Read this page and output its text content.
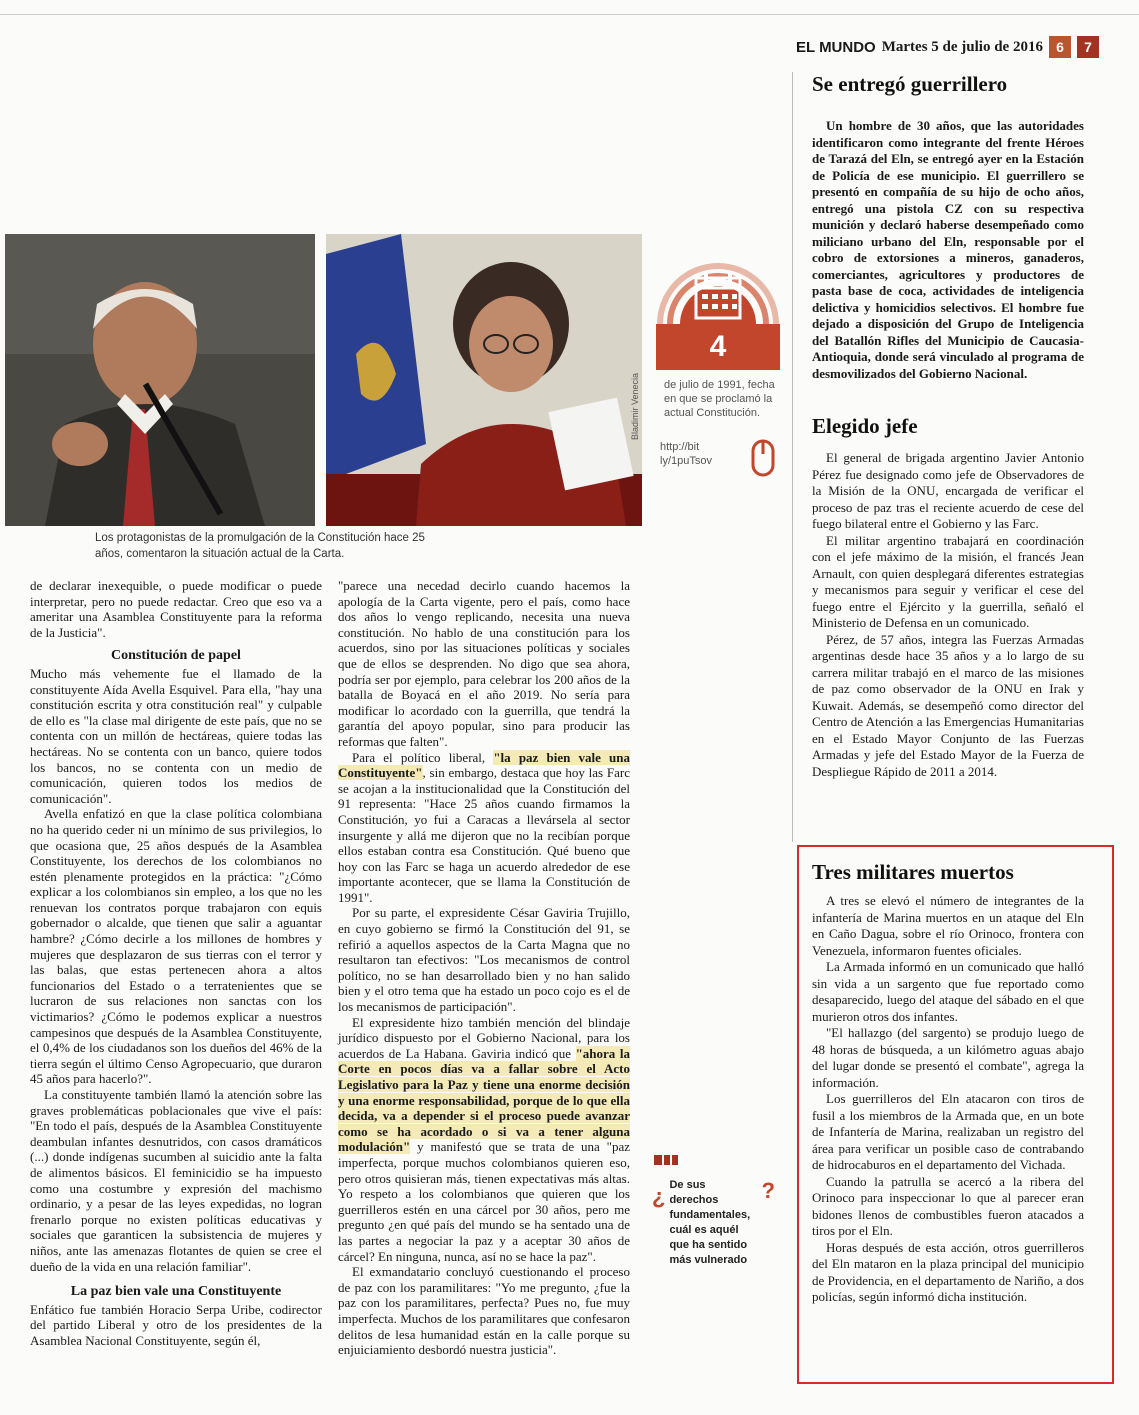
EL MUNDO Martes 5 de julio de 2016 6	7
Bladimir Venecia
Los protagonistas de la promulgación de la Constitución hace 25 años, comentaron la situación actual de la Carta.
4
de julio de 1991, fecha en que se proclamó la actual Constitución.
http://bit ly/1puTsov
¿ De sus derechos fundamentales, cuál es aquél que ha sentido más vulnerado
?

de declarar inexequible, o puede modificar o puede interpretar, pero no puede redactar. Creo que eso va a ameritar una Asamblea Constituyente para la reforma de la Justicia".

Constitución de papel

Mucho más vehemente fue el llamado de la constituyente Aída Avella Esquivel. Para ella, "hay una constitución escrita y otra constitución real" y culpable de ello es "la clase mal dirigente de este país, que no se contenta con un millón de hectáreas, quiere todas las hectáreas. No se contenta con un banco, quiere todos los bancos, no se contenta con un medio de comunicación, quieren todos los medios de comunicación".

Avella enfatizó en que la clase política colombiana no ha querido ceder ni un mínimo de sus privilegios, lo que ocasiona que, 25 años después de la Asamblea Constituyente, los derechos de los colombianos no estén plenamente protegidos en la práctica: "¿Cómo explicar a los colombianos sin empleo, a los que no les renuevan los contratos porque trabajaron con equis gobernador o alcalde, que tienen que salir a aguantar hambre? ¿Cómo decirle a los millones de hombres y mujeres que desplazaron de sus tierras con el terror y las balas, que estas pertenecen ahora a altos funcionarios del Estado o a terratenientes que se lucraron de sus relaciones non sanctas con los victimarios? ¿Cómo le podemos explicar a nuestros campesinos que después de la Asamblea Constituyente, el 0,4% de los ciudadanos son los dueños del 46% de la tierra según el último Censo Agropecuario, que duraron 45 años para hacerlo?".

La constituyente también llamó la atención sobre las graves problemáticas poblacionales que vive el país: "En todo el país, después de la Asamblea Constituyente deambulan infantes desnutridos, con casos dramáticos (...) donde indígenas sucumben al suicidio ante la falta de alimentos básicos. El feminicidio se ha impuesto como una costumbre y expresión del machismo ordinario, y a pesar de las leyes expedidas, no logran frenarlo porque no existen políticas educativas y sociales que garanticen la subsistencia de mujeres y niños, ante las amenazas flotantes de quien se cree el dueño de la vida en una relación familiar".

La paz bien vale una Constituyente

Enfático fue también Horacio Serpa Uribe, codirector del partido Liberal y otro de los presidentes de la Asamblea Nacional Constituyente, según él,

"parece una necedad decirlo cuando hacemos la apología de la Carta vigente, pero el país, como hace dos años lo vengo replicando, necesita una nueva constitución. No hablo de una constitución para los acuerdos, sino por las situaciones políticas y sociales que de ellos se desprenden. No digo que sea ahora, podría ser por ejemplo, para celebrar los 200 años de la batalla de Boyacá en el año 2019. No sería para modificar lo acordado con la guerrilla, que tendrá la garantía del apoyo popular, sino para producir las reformas que falten".

Para el político liberal, "la paz bien vale una Constituyente", sin embargo, destaca que hoy las Farc se acojan a la institucionalidad que la Constitución del 91 representa: "Hace 25 años cuando firmamos la Constitución, yo fui a Caracas a llevársela al sector insurgente y allá me dijeron que no la recibían porque ellos estaban contra esa Constitución. Qué bueno que hoy con las Farc se haga un acuerdo alrededor de ese importante acontecer, que se llama la Constitución de 1991".

Por su parte, el expresidente César Gaviria Trujillo, en cuyo gobierno se firmó la Constitución del 91, se refirió a aquellos aspectos de la Carta Magna que no resultaron tan efectivos: "Los mecanismos de control político, no se han desarrollado bien y no han salido bien y el otro tema que ha estado un poco cojo es el de los mecanismos de participación".

El expresidente hizo también mención del blindaje jurídico dispuesto por el Gobierno Nacional, para los acuerdos de La Habana. Gaviria indicó que "ahora la Corte en pocos días va a fallar sobre el Acto Legislativo para la Paz y tiene una enorme decisión y una enorme responsabilidad, porque de lo que ella decida, va a depender si el proceso puede avanzar como se ha acordado o si va a tener alguna modulación" y manifestó que se trata de una "paz imperfecta, porque muchos colombianos quieren eso, pero otros quisieran más, tienen expectativas más altas. Yo respeto a los colombianos que quieren que los guerrilleros estén en una cárcel por 30 años, pero me pregunto ¿en qué país del mundo se ha sentado una de las partes a negociar la paz y a aceptar 30 años de cárcel? En ninguna, nunca, así no se hace la paz".

El exmandatario concluyó cuestionando el proceso de paz con los paramilitares: "Yo me pregunto, ¿fue la paz con los paramilitares, perfecta? Pues no, fue muy imperfecta. Muchos de los paramilitares que confesaron delitos de lesa humanidad están en la calle porque su enjuiciamiento desbordó nuestra justicia".

Se entregó guerrillero

Un hombre de 30 años, que las autoridades identificaron como integrante del frente Héroes de Tarazá del Eln, se entregó ayer en la Estación de Policía de ese municipio. El guerrillero se presentó en compañía de su hijo de ocho años, entregó una pistola CZ con su respectiva munición y declaró haberse desempeñado como miliciano urbano del Eln, responsable por el cobro de extorsiones a mineros, ganaderos, comerciantes, agricultores y productores de pasta base de coca, actividades de inteligencia delictiva y homicidios selectivos. El hombre fue dejado a disposición del Grupo de Inteligencia del Batallón Rifles del Municipio de Caucasia-Antioquia, donde será vinculado al programa de desmovilizados del Gobierno Nacional.

Elegido jefe

El general de brigada argentino Javier Antonio Pérez fue designado como jefe de Observadores de la Misión de la ONU, encargada de verificar el proceso de paz tras el reciente acuerdo de cese del fuego bilateral entre el Gobierno y las Farc.

El militar argentino trabajará en coordinación con el jefe máximo de la misión, el francés Jean Arnault, con quien desplegará diferentes estrategias y mecanismos para seguir y verificar el cese del fuego entre el Ejército y la guerrilla, señaló el Ministerio de Defensa en un comunicado.

Pérez, de 57 años, integra las Fuerzas Armadas argentinas desde hace 35 años y a lo largo de su carrera militar trabajó en el marco de las misiones de paz como observador de la ONU en Irak y Kuwait. Además, se desempeñó como director del Centro de Atención a las Emergencias Humanitarias en el Estado Mayor Conjunto de las Fuerzas Armadas y jefe del Estado Mayor de la Fuerza de Despliegue Rápido de 2011 a 2014.

Tres militares muertos

A tres se elevó el número de integrantes de la infantería de Marina muertos en un ataque del Eln en Caño Dagua, sobre el río Orinoco, frontera con Venezuela, informaron fuentes oficiales.

La Armada informó en un comunicado que halló sin vida a un sargento que fue reportado como desaparecido, luego del ataque del sábado en el que murieron otros dos infantes.

"El hallazgo (del sargento) se produjo luego de 48 horas de búsqueda, a un kilómetro aguas abajo del lugar donde se presentó el combate", agrega la información.

Los guerrilleros del Eln atacaron con tiros de fusil a los miembros de la Armada que, en un bote de Infantería de Marina, realizaban un registro del área para verificar un posible caso de contrabando de hidrocaburos en el departamento del Vichada.

Cuando la patrulla se acercó a la ribera del Orinoco para inspeccionar lo que al parecer eran bidones llenos de combustibles fueron atacados a tiros por el Eln.

Horas después de esta acción, otros guerrilleros del Eln mataron en la plaza principal del municipio de Providencia, en el departamento de Nariño, a dos policías, según informó dicha institución.
